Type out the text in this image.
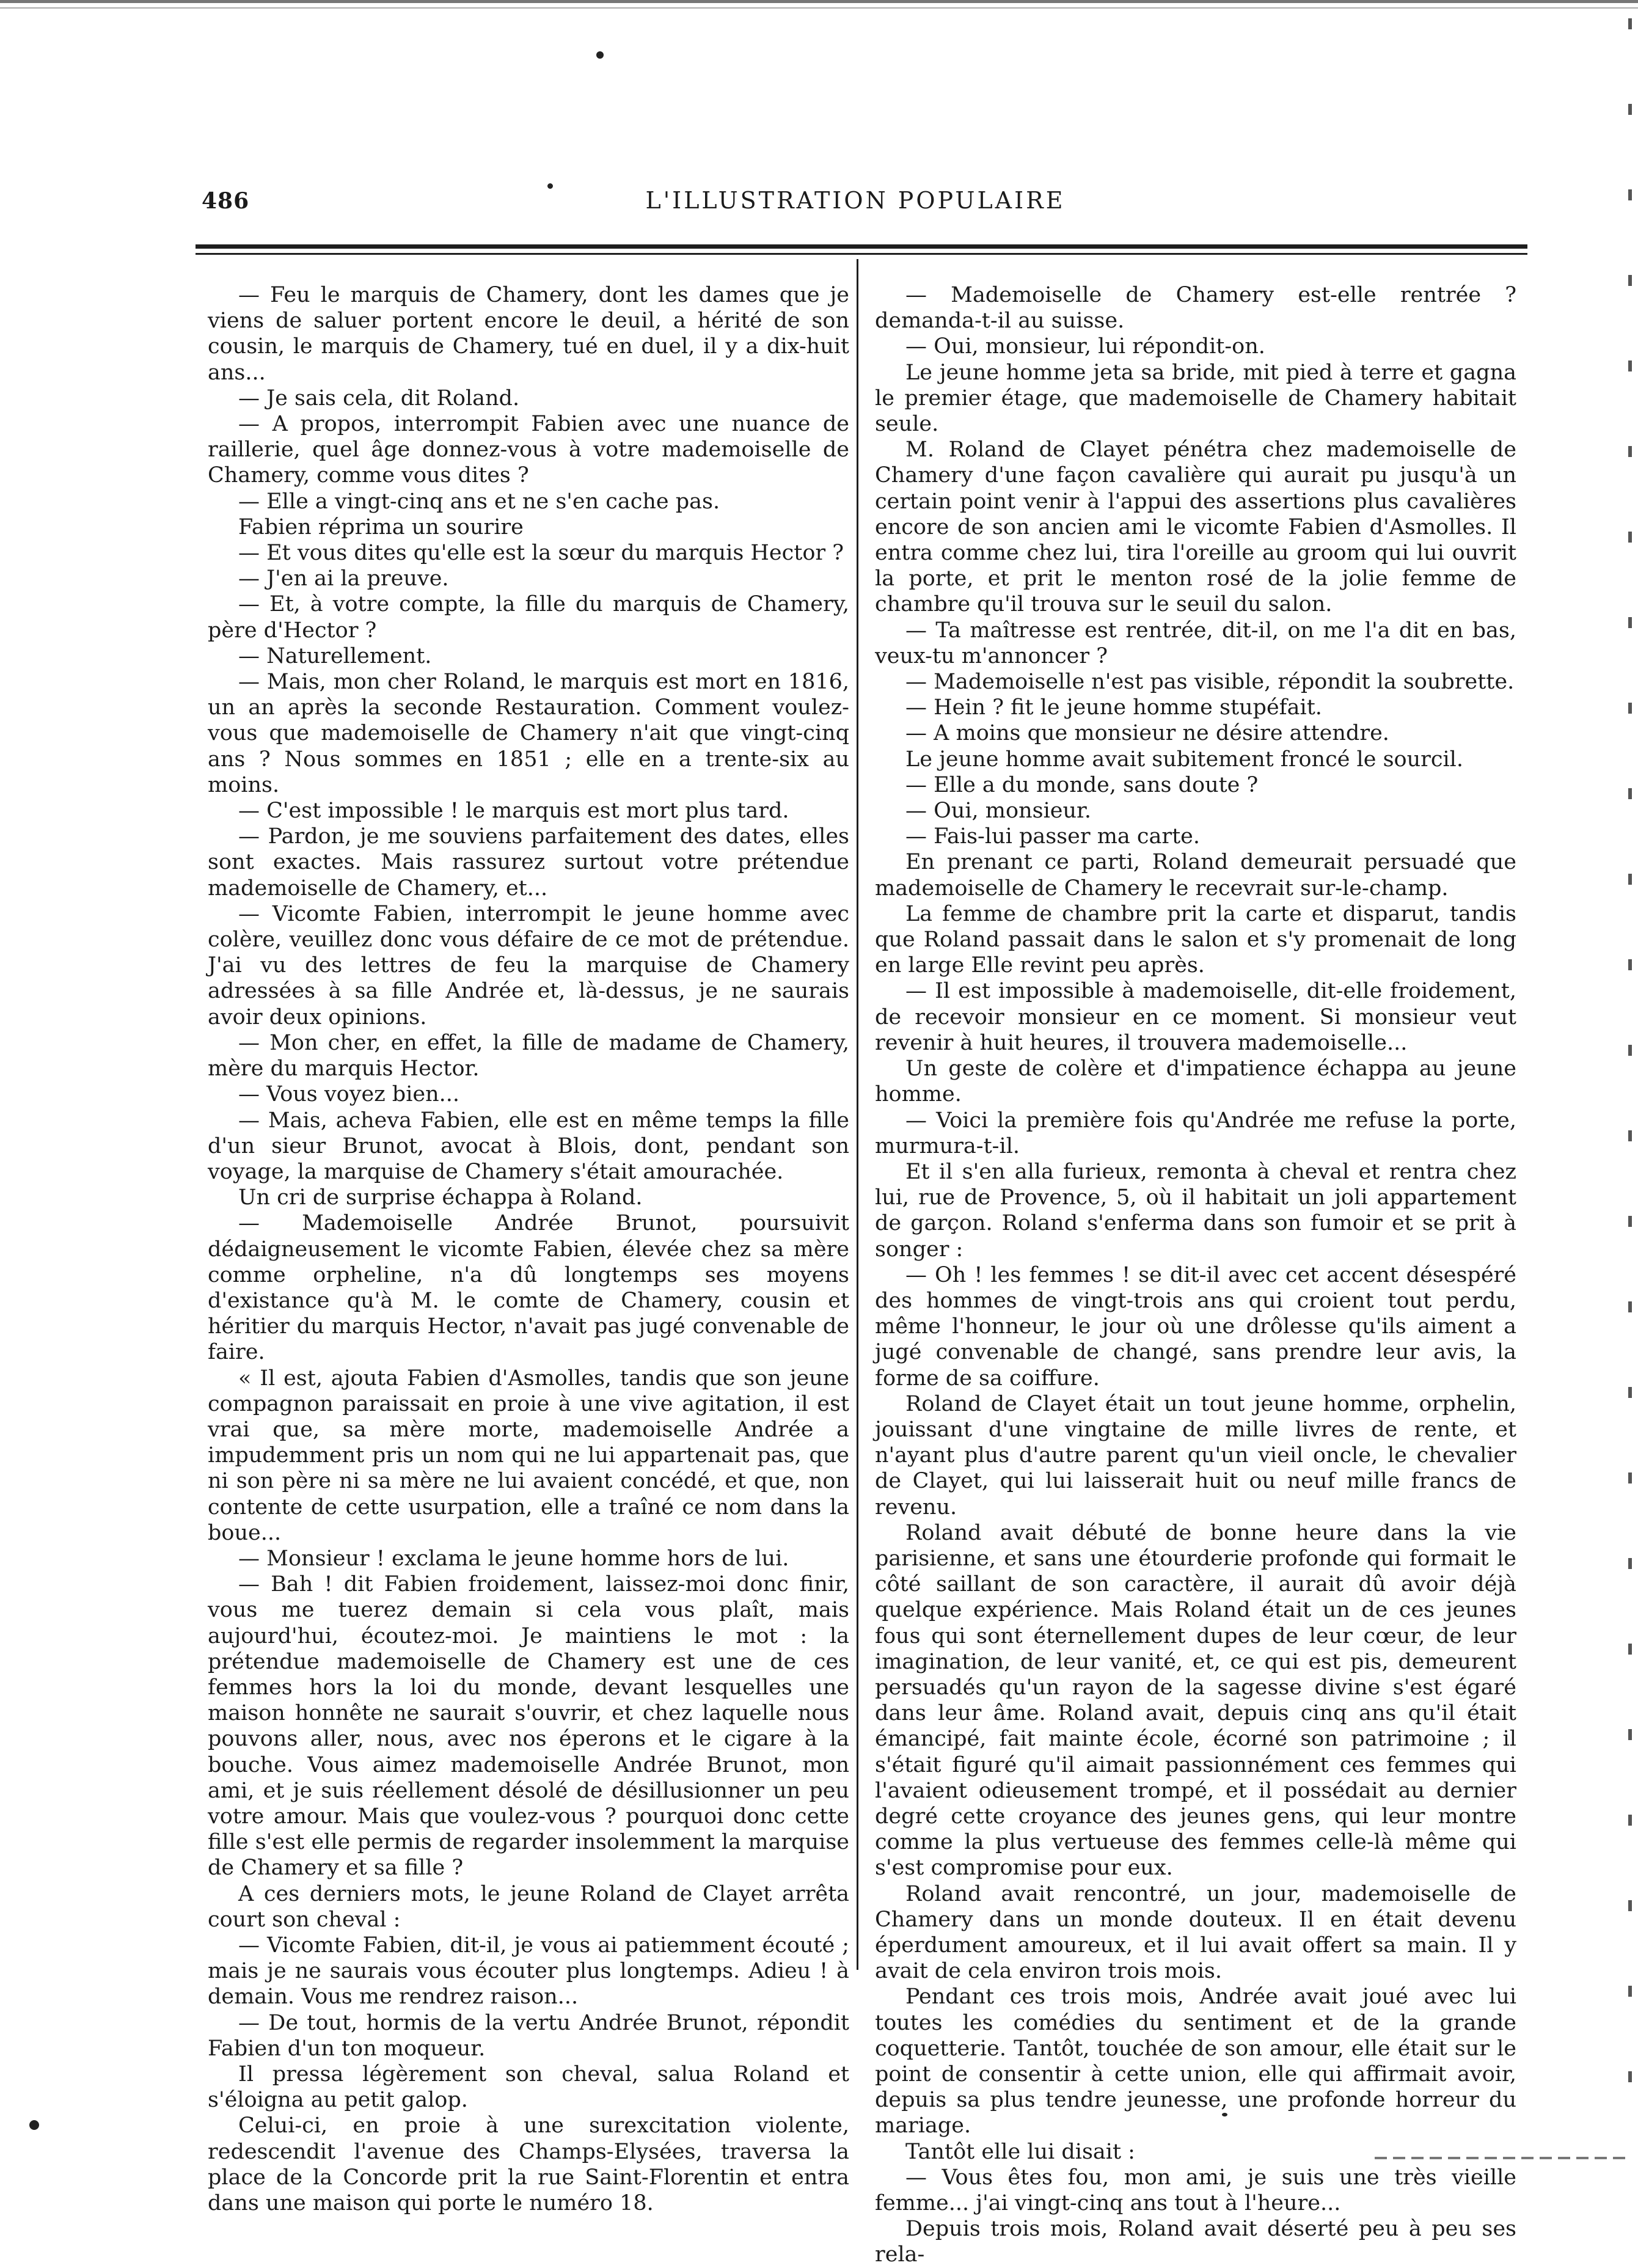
486	L'ILLUSTRATION POPULAIRE

— Feu le marquis de Chamery, dont les dames que je viens de saluer portent encore le deuil, a hérité de son cousin, le marquis de Chamery, tué en duel, il y a dix-huit ans...

— Je sais cela, dit Roland.

— A propos, interrompit Fabien avec une nuance de raillerie, quel âge donnez-vous à votre mademoiselle de Chamery, comme vous dites ?

— Elle a vingt-cinq ans et ne s'en cache pas.

Fabien réprima un sourire

— Et vous dites qu'elle est la sœur du marquis Hector ?

— J'en ai la preuve.

— Et, à votre compte, la fille du marquis de Chamery, père d'Hector ?

— Naturellement.

— Mais, mon cher Roland, le marquis est mort en 1816, un an après la seconde Restauration. Comment voulez-vous que mademoiselle de Chamery n'ait que vingt-cinq ans ? Nous sommes en 1851 ; elle en a trente-six au moins.

— C'est impossible ! le marquis est mort plus tard.

— Pardon, je me souviens parfaitement des dates, elles sont exactes. Mais rassurez surtout votre prétendue mademoiselle de Chamery, et...

— Vicomte Fabien, interrompit le jeune homme avec colère, veuillez donc vous défaire de ce mot de prétendue. J'ai vu des lettres de feu la marquise de Chamery adressées à sa fille Andrée et, là-dessus, je ne saurais avoir deux opinions.

— Mon cher, en effet, la fille de madame de Chamery, mère du marquis Hector.

— Vous voyez bien...

— Mais, acheva Fabien, elle est en même temps la fille d'un sieur Brunot, avocat à Blois, dont, pendant son voyage, la marquise de Chamery s'était amourachée.

Un cri de surprise échappa à Roland.

— Mademoiselle Andrée Brunot, poursuivit dédaigneusement le vicomte Fabien, élevée chez sa mère comme orpheline, n'a dû longtemps ses moyens d'existance qu'à M. le comte de Chamery, cousin et héritier du marquis Hector, n'avait pas jugé convenable de faire.

« Il est, ajouta Fabien d'Asmolles, tandis que son jeune compagnon paraissait en proie à une vive agitation, il est vrai que, sa mère morte, mademoiselle Andrée a impudemment pris un nom qui ne lui appartenait pas, que ni son père ni sa mère ne lui avaient concédé, et que, non contente de cette usurpation, elle a traîné ce nom dans la boue...

— Monsieur ! exclama le jeune homme hors de lui.

— Bah ! dit Fabien froidement, laissez-moi donc finir, vous me tuerez demain si cela vous plaît, mais aujourd'hui, écoutez-moi. Je maintiens le mot : la prétendue mademoiselle de Chamery est une de ces femmes hors la loi du monde, devant lesquelles une maison honnête ne saurait s'ouvrir, et chez laquelle nous pouvons aller, nous, avec nos éperons et le cigare à la bouche. Vous aimez mademoiselle Andrée Brunot, mon ami, et je suis réellement désolé de désillusionner un peu votre amour. Mais que voulez-vous ? pourquoi donc cette fille s'est elle permis de regarder insolemment la marquise de Chamery et sa fille ?

A ces derniers mots, le jeune Roland de Clayet arrêta court son cheval :

— Vicomte Fabien, dit-il, je vous ai patiemment écouté ; mais je ne saurais vous écouter plus longtemps. Adieu ! à demain. Vous me rendrez raison...

— De tout, hormis de la vertu Andrée Brunot, répondit Fabien d'un ton moqueur.

Il pressa légèrement son cheval, salua Roland et s'éloigna au petit galop.

Celui-ci, en proie à une surexcitation violente, redescendit l'avenue des Champs-Elysées, traversa la place de la Concorde prit la rue Saint-Florentin et entra dans une maison qui porte le numéro 18.

— Mademoiselle de Chamery est-elle rentrée ? demanda-t-il au suisse.

— Oui, monsieur, lui répondit-on.

Le jeune homme jeta sa bride, mit pied à terre et gagna le premier étage, que mademoiselle de Chamery habitait seule.

M. Roland de Clayet pénétra chez mademoiselle de Chamery d'une façon cavalière qui aurait pu jusqu'à un certain point venir à l'appui des assertions plus cavalières encore de son ancien ami le vicomte Fabien d'Asmolles. Il entra comme chez lui, tira l'oreille au groom qui lui ouvrit la porte, et prit le menton rosé de la jolie femme de chambre qu'il trouva sur le seuil du salon.

— Ta maîtresse est rentrée, dit-il, on me l'a dit en bas, veux-tu m'annoncer ?

— Mademoiselle n'est pas visible, répondit la soubrette.

— Hein ? fit le jeune homme stupéfait.

— A moins que monsieur ne désire attendre.

Le jeune homme avait subitement froncé le sourcil.

— Elle a du monde, sans doute ?

— Oui, monsieur.

— Fais-lui passer ma carte.

En prenant ce parti, Roland demeurait persuadé que mademoiselle de Chamery le recevrait sur-le-champ.

La femme de chambre prit la carte et disparut, tandis que Roland passait dans le salon et s'y promenait de long en large Elle revint peu après.

— Il est impossible à mademoiselle, dit-elle froidement, de recevoir monsieur en ce moment. Si monsieur veut revenir à huit heures, il trouvera mademoiselle...

Un geste de colère et d'impatience échappa au jeune homme.

— Voici la première fois qu'Andrée me refuse la porte, murmura-t-il.

Et il s'en alla furieux, remonta à cheval et rentra chez lui, rue de Provence, 5, où il habitait un joli appartement de garçon. Roland s'enferma dans son fumoir et se prit à songer :

— Oh ! les femmes ! se dit-il avec cet accent désespéré des hommes de vingt-trois ans qui croient tout perdu, même l'honneur, le jour où une drôlesse qu'ils aiment a jugé convenable de changé, sans prendre leur avis, la forme de sa coiffure.

Roland de Clayet était un tout jeune homme, orphelin, jouissant d'une vingtaine de mille livres de rente, et n'ayant plus d'autre parent qu'un vieil oncle, le chevalier de Clayet, qui lui laisserait huit ou neuf mille francs de revenu.

Roland avait débuté de bonne heure dans la vie parisienne, et sans une étourderie profonde qui formait le côté saillant de son caractère, il aurait dû avoir déjà quelque expérience. Mais Roland était un de ces jeunes fous qui sont éternellement dupes de leur cœur, de leur imagination, de leur vanité, et, ce qui est pis, demeurent persuadés qu'un rayon de la sagesse divine s'est égaré dans leur âme. Roland avait, depuis cinq ans qu'il était émancipé, fait mainte école, écorné son patrimoine ; il s'était figuré qu'il aimait passionnément ces femmes qui l'avaient odieusement trompé, et il possédait au dernier degré cette croyance des jeunes gens, qui leur montre comme la plus vertueuse des femmes celle-là même qui s'est compromise pour eux.

Roland avait rencontré, un jour, mademoiselle de Chamery dans un monde douteux. Il en était devenu éperdument amoureux, et il lui avait offert sa main. Il y avait de cela environ trois mois.

Pendant ces trois mois, Andrée avait joué avec lui toutes les comédies du sentiment et de la grande coquetterie. Tantôt, touchée de son amour, elle était sur le point de consentir à cette union, elle qui affirmait avoir, depuis sa plus tendre jeunesse, une profonde horreur du mariage.

Tantôt elle lui disait :

— Vous êtes fou, mon ami, je suis une très vieille femme... j'ai vingt-cinq ans tout à l'heure...

Depuis trois mois, Roland avait déserté peu à peu ses rela-
